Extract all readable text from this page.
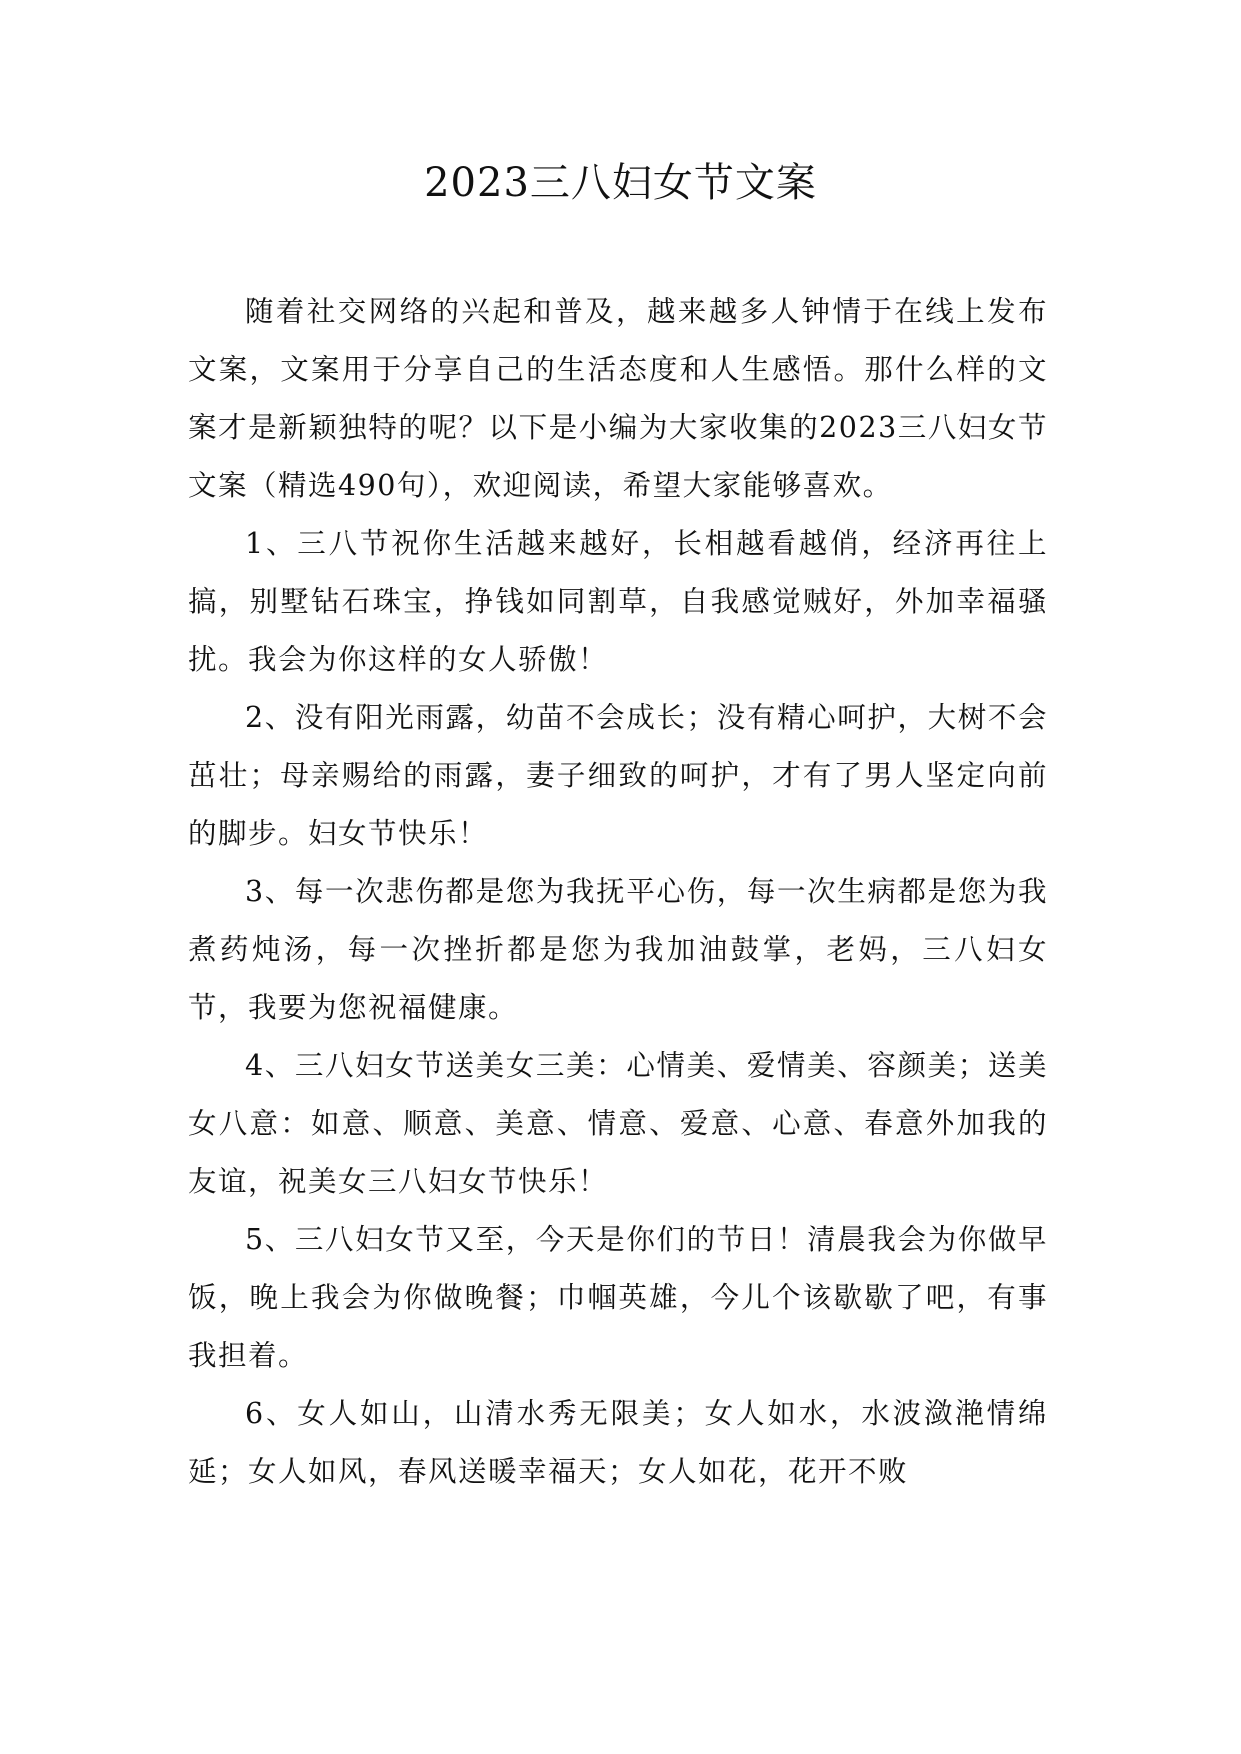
2023三八妇女节文案

随着社交网络的兴起和普及，越来越多人钟情于在线上发布文案，文案用于分享自己的生活态度和人生感悟。那什么样的文案才是新颖独特的呢？以下是小编为大家收集的2023三八妇女节文案（精选490句），欢迎阅读，希望大家能够喜欢。

1、三八节祝你生活越来越好，长相越看越俏，经济再往上搞，别墅钻石珠宝，挣钱如同割草，自我感觉贼好，外加幸福骚扰。我会为你这样的女人骄傲！

2、没有阳光雨露，幼苗不会成长；没有精心呵护，大树不会茁壮；母亲赐给的雨露，妻子细致的呵护，才有了男人坚定向前的脚步。妇女节快乐！

3、每一次悲伤都是您为我抚平心伤，每一次生病都是您为我煮药炖汤，每一次挫折都是您为我加油鼓掌，老妈，三八妇女节，我要为您祝福健康。

4、三八妇女节送美女三美：心情美、爱情美、容颜美；送美女八意：如意、顺意、美意、情意、爱意、心意、春意外加我的友谊，祝美女三八妇女节快乐！

5、三八妇女节又至，今天是你们的节日！清晨我会为你做早饭，晚上我会为你做晚餐；巾帼英雄，今儿个该歇歇了吧，有事我担着。

6、女人如山，山清水秀无限美；女人如水，水波潋滟情绵延；女人如风，春风送暖幸福天；女人如花，花开不败
